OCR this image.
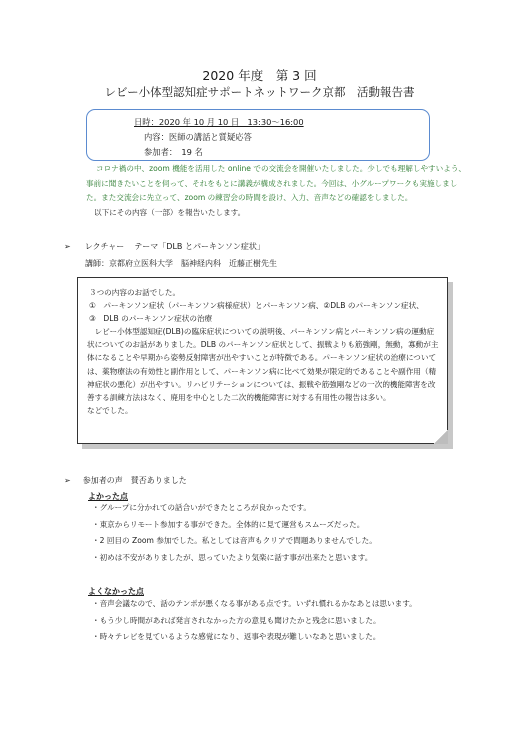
2020 年度　第 3 回
レビー小体型認知症サポートネットワーク京都　活動報告書
日時：2020 年 10 月 10 日　13:30～16:00
内容：医師の講話と質疑応答
参加者：　19 名

コロナ禍の中、zoom 機能を活用した online での交流会を開催いたしました。少しでも理解しやすいよう、事前に聞きたいことを伺って、それをもとに講義が構成されました。今回は、小グループワークも実施しました。また交流会に先立って、zoom の練習会の時間を設け、入力、音声などの確認をしました。

以下にその内容（一部）を報告いたします。

➢ レクチャー テーマ「DLB とパーキンソン症状」
講師：京都府立医科大学　脳神経内科　近藤正樹先生

３つの内容のお話でした。

①　パーキンソン症状（パーキンソン病様症状）とパーキンソン病、②DLB のパーキンソン症状、

③　DLB のパーキンソン症状の治療

　レビー小体型認知症(DLB)の臨床症状についての説明後、パーキンソン病とパーキンソン病の運動症状についてのお話がありました。DLB のパーキンソン症状として、振戦よりも筋強剛，無動，寡動が主体になることや早期から姿勢反射障害が出やすいことが特徴である。パーキンソン症状の治療については、薬物療法の有効性と副作用として、パーキンソン病に比べて効果が限定的であることや副作用（精神症状の悪化）が出やすい。リハビリテーションについては、振戦や筋強剛などの一次的機能障害を改善する訓練方法はなく、廃用を中心とした二次的機能障害に対する有用性の報告は多い。

などでした。

➢ 参加者の声　賛否ありました
よかった点
・グループに分かれての話合いができたところが良かったです。
・東京からリモート参加する事ができた。全体的に見て運営もスムーズだった。
・2 回目の Zoom 参加でした。私としては音声もクリアで問題ありませんでした。
・初めは不安がありましたが、思っていたより気楽に話す事が出来たと思います。
よくなかった点
・音声会議なので、話のテンポが悪くなる事がある点です。いずれ慣れるかなあとは思います。
・もう少し時間があれば発言されなかった方の意見も聞けたかと残念に思いました。
・時々テレビを見ているような感覚になり、返事や表現が難しいなあと思いました。
